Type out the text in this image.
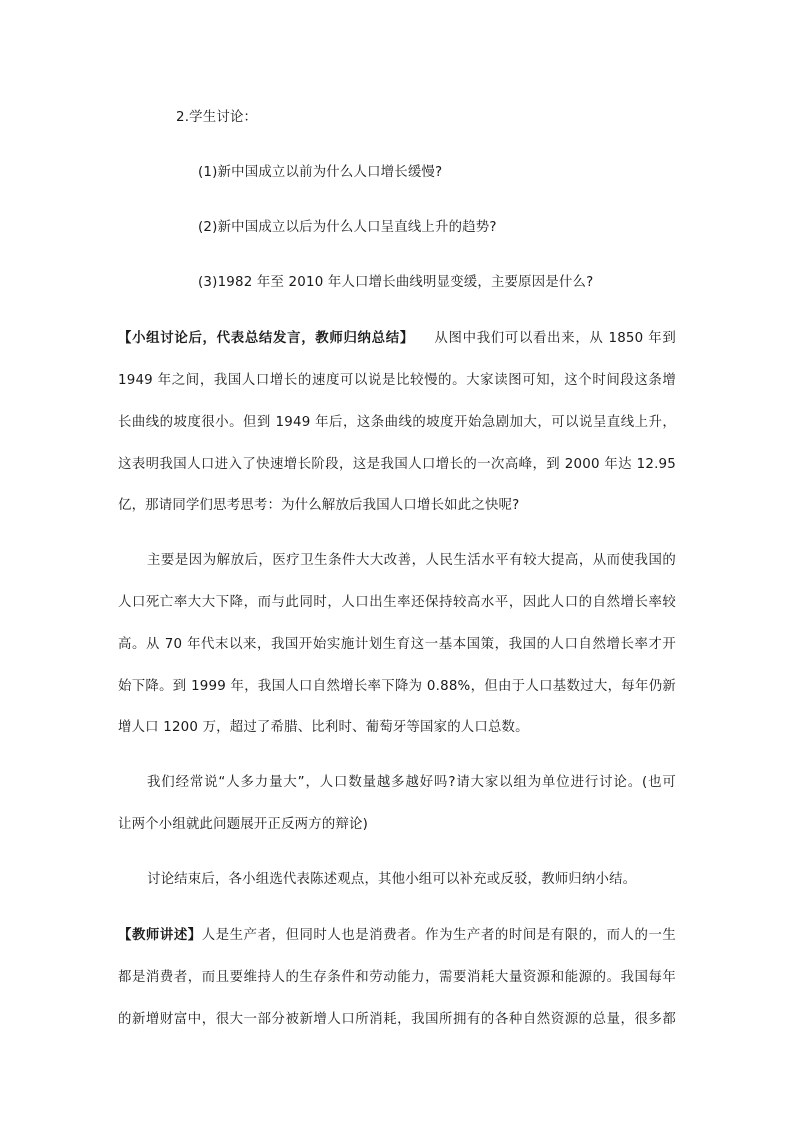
2.学生讨论：
(1)新中国成立以前为什么人口增长缓慢?
(2)新中国成立以后为什么人口呈直线上升的趋势?
(3)1982 年至 2010 年人口增长曲线明显变缓，主要原因是什么?
【小组讨论后，代表总结发言，教师归纳总结】 从图中我们可以看出来，从 1850 年到
1949 年之间，我国人口增长的速度可以说是比较慢的。大家读图可知，这个时间段这条增
长曲线的坡度很小。但到 1949 年后，这条曲线的坡度开始急剧加大，可以说呈直线上升，
这表明我国人口进入了快速增长阶段，这是我国人口增长的一次高峰，到 2000 年达 12.95
亿，那请同学们思考思考：为什么解放后我国人口增长如此之快呢?
主要是因为解放后，医疗卫生条件大大改善，人民生活水平有较大提高，从而使我国的
人口死亡率大大下降，而与此同时，人口出生率还保持较高水平，因此人口的自然增长率较
高。从 70 年代末以来，我国开始实施计划生育这一基本国策，我国的人口自然增长率才开
始下降。到 1999 年，我国人口自然增长率下降为 0.88%，但由于人口基数过大，每年仍新
增人口 1200 万，超过了希腊、比利时、葡萄牙等国家的人口总数。
我们经常说“人多力量大”，人口数量越多越好吗?请大家以组为单位进行讨论。(也可
让两个小组就此问题展开正反两方的辩论)
讨论结束后，各小组选代表陈述观点，其他小组可以补充或反驳，教师归纳小结。
【教师讲述】人是生产者，但同时人也是消费者。作为生产者的时间是有限的，而人的一生
都是消费者，而且要维持人的生存条件和劳动能力，需要消耗大量资源和能源的。我国每年
的新增财富中，很大一部分被新增人口所消耗，我国所拥有的各种自然资源的总量，很多都
